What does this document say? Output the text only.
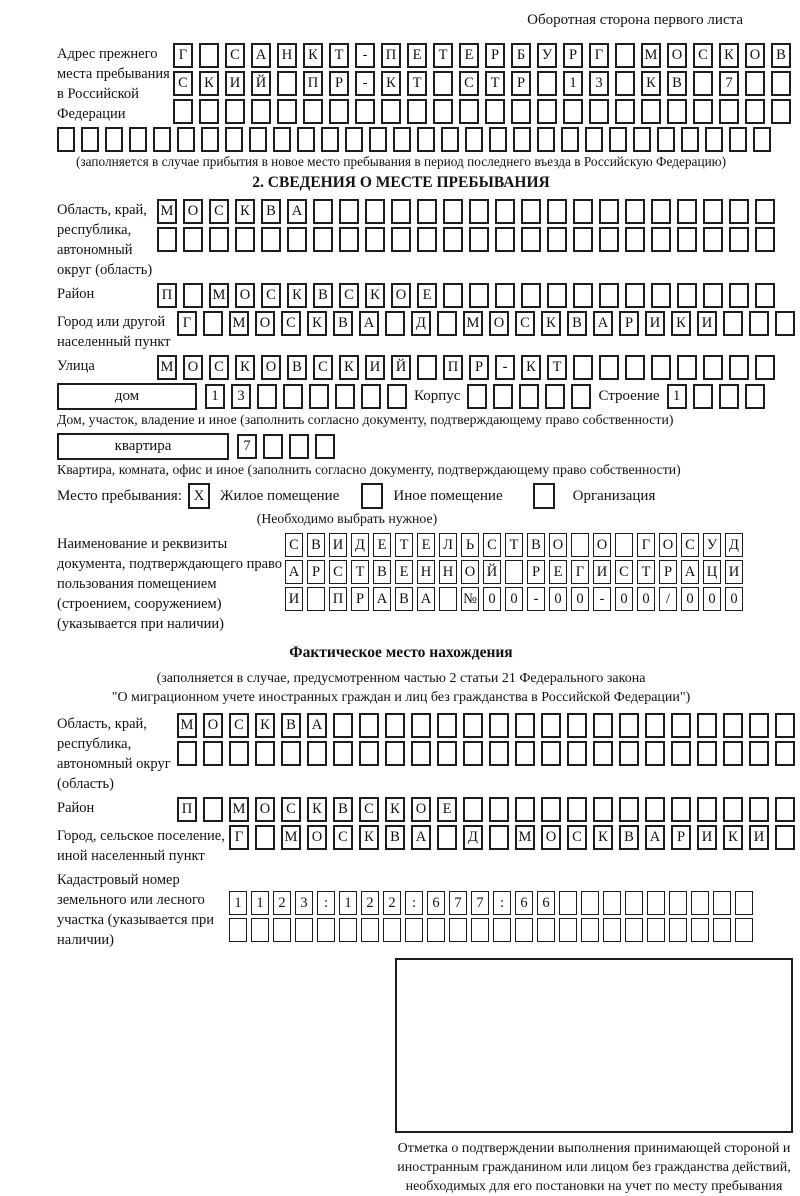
Оборотная сторона первого листа
Адрес прежнего места пребывания в Российской Федерации
Г	С	А	Н	К	Т	-	П	Е	Т	Е	Р	Б	У	Р	Г	М О	С	К	О	В
С	К	И	Й	П	Р	-	К	Т	С	Т	Р	1	3	К	В	7
(заполняется в случае прибытия в новое место пребывания в период последнего въезда в Российскую Федерацию)
2. СВЕДЕНИЯ О МЕСТЕ ПРЕБЫВАНИЯ
Область, край, республика, автономный округ (область)
М О	С	К	В	А
Район	П	М О	С	К	В	С	К	О	Е
Город или другой населенный пункт
Г	М О	С	К	В	А	Д	М О	С	К	В	А	Р	И	К	И
Улица	М О	С	К	О	В	С	К	И	Й	П	Р	-	К	Т
дом	1	3	Корпус	Строение 1
Дом, участок, владение и иное (заполнить согласно документу, подтверждающему право собственности)
квартира	7
Квартира, комната, офис и иное (заполнить согласно документу, подтверждающему право собственности)
Место пребывания: X	Жилое помещение	Иное помещение	Организация
(Необходимо выбрать нужное)
Наименование и реквизиты документа, подтверждающего право пользования помещением (строением, сооружением) (указывается при наличии)
С В И Д Е Т Е Л Ь С Т В О О	Г О С У Д
А Р С Т В Е Н Н О Й	Р Е Г И С Т Р А Ц И
И П Р А В А № 0	0	-	0	0	-	0	0	/	0	0	0
Фактическое место нахождения
(заполняется в случае, предусмотренном частью 2 статьи 21 Федерального закона
"О миграционном учете иностранных граждан и лиц без гражданства в Российской Федерации")
Область, край, республика, автономный округ (область)
М О	С	К	В	А
Район	П	М О	С	К	В	С	К	О	Е
Город, сельское поселение, иной населенный пункт
Г	М О	С	К	В	А	Д	М О	С	К	В	А	Р	И	К	И
Кадастровый номер земельного или лесного участка (указывается при наличии)
1	1	2	3	:	1	2	2	:	6	7	7	:	6	6
Отметка о подтверждении выполнения принимающей стороной и иностранным гражданином или лицом без гражданства действий, необходимых для его постановки на учет по месту пребывания
